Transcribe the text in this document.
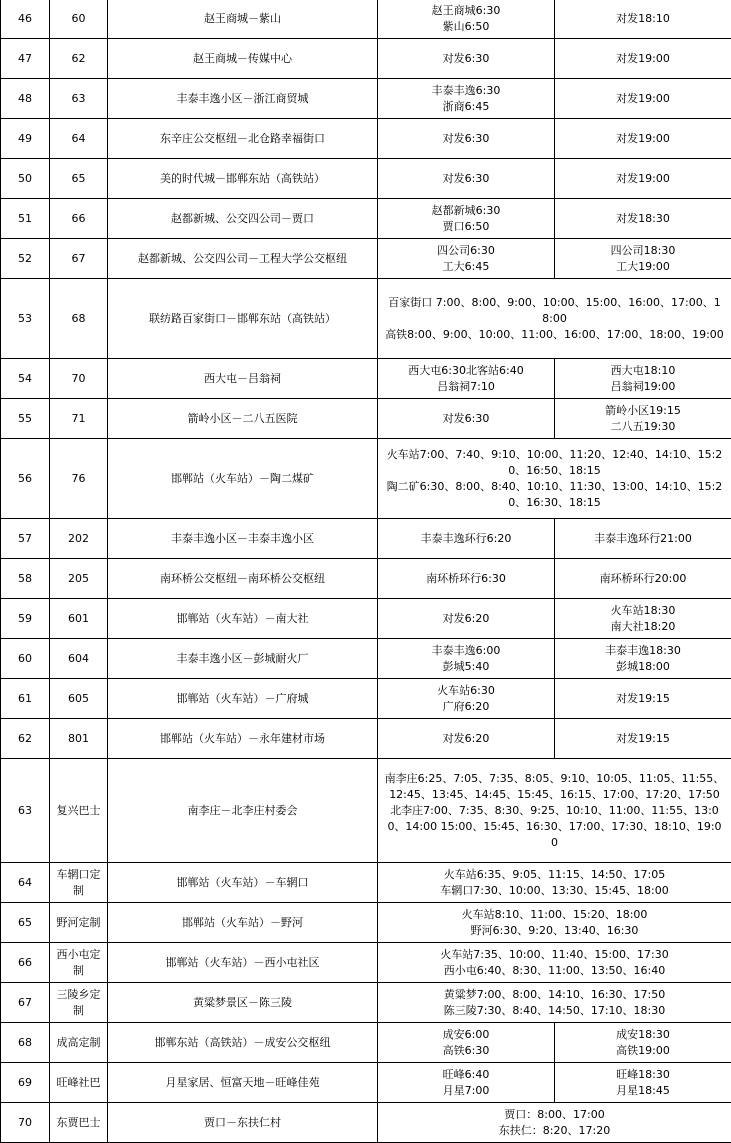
46	60	赵王商城－紫山	赵王商城6:30
紫山6:50	对发18:10

47	62	赵王商城－传媒中心	对发6:30	对发19:00

48	63	丰泰丰逸小区－浙江商贸城	丰泰丰逸6:30
浙商6:45	对发19:00

49	64	东辛庄公交枢纽－北仓路幸福街口	对发6:30	对发19:00

50	65	美的时代城－邯郸东站（高铁站）	对发6:30	对发19:00

51	66	赵都新城、公交四公司－贾口	赵都新城6:30
贾口6:50	对发18:30

52	67	赵都新城、公交四公司－工程大学公交枢纽	四公司6:30
工大6:45	四公司18:30
工大19:00

53	68	联纺路百家街口－邯郸东站（高铁站）	百家街口 7:00、8:00、9:00、10:00、15:00、16:00、17:00、18:00
高铁8:00、9:00、10:00、11:00、16:00、17:00、18:00、19:00	

54	70	西大屯－吕翁祠	西大屯6:30北客站6:40
吕翁祠7:10	西大屯18:10
吕翁祠19:00

55	71	箭岭小区－二八五医院	对发6:30	箭岭小区19:15
二八五19:30

56	76	邯郸站（火车站）－陶二煤矿	火车站7:00、7:40、9:10、10:00、11:20、12:40、14:10、15:20、16:50、18:15
陶二矿6:30、8:00、8:40、10:10、11:30、13:00、14:10、15:20、16:30、18:15	

57	202	丰泰丰逸小区－丰泰丰逸小区	丰泰丰逸环行6:20	丰泰丰逸环行21:00

58	205	南环桥公交枢纽－南环桥公交枢纽	南环桥环行6:30	南环桥环行20:00

59	601	邯郸站（火车站）－南大社	对发6:20	火车站18:30
南大社18:20

60	604	丰泰丰逸小区－彭城耐火厂	丰泰丰逸6:00
彭城5:40	丰泰丰逸18:30
彭城18:00

61	605	邯郸站（火车站）－广府城	火车站6:30
广府6:20	对发19:15

62	801	邯郸站（火车站）－永年建材市场	对发6:20	对发19:15

63	复兴巴士	南李庄－北李庄村委会	南李庄6:25、7:05、7:35、8:05、9:10、10:05、11:05、11:55、12:45、13:45、14:45、15:45、16:15、17:00、17:20、17:50
北李庄7:00、7:35、8:30、9:25、10:10、11:00、11:55、13:00、14:00 15:00、15:45、16:30、17:00、17:30、18:10、19:00	

64	车辋口定制	邯郸站（火车站）－车辋口	火车站6:35、9:05、11:15、14:50、17:05
车辋口7:30、10:00、13:30、15:45、18:00	

65	野河定制	邯郸站（火车站）－野河	火车站8:10、11:00、15:20、18:00
野河6:30、9:20、13:40、16:30	

66	西小屯定制	邯郸站（火车站）－西小屯社区	火车站7:35、10:00、11:40、15:00、17:30
西小屯6:40、8:30、11:00、13:50、16:40	

67	三陵乡定制	黄粱梦景区－陈三陵	黄粱梦7:00、8:00、14:10、16:30、17:50
陈三陵7:30、8:40、14:50、17:10、18:30	

68	成高定制	邯郸东站（高铁站）－成安公交枢纽	成安6:00
高铁6:30	成安18:30
高铁19:00

69	旺峰社巴	月星家居、恒富天地－旺峰佳苑	旺峰6:40
月星7:00	旺峰18:30
月星18:45

70	东贾巴士	贾口－东扶仁村	贾口：8:00、17:00
东扶仁：8:20、17:20	
